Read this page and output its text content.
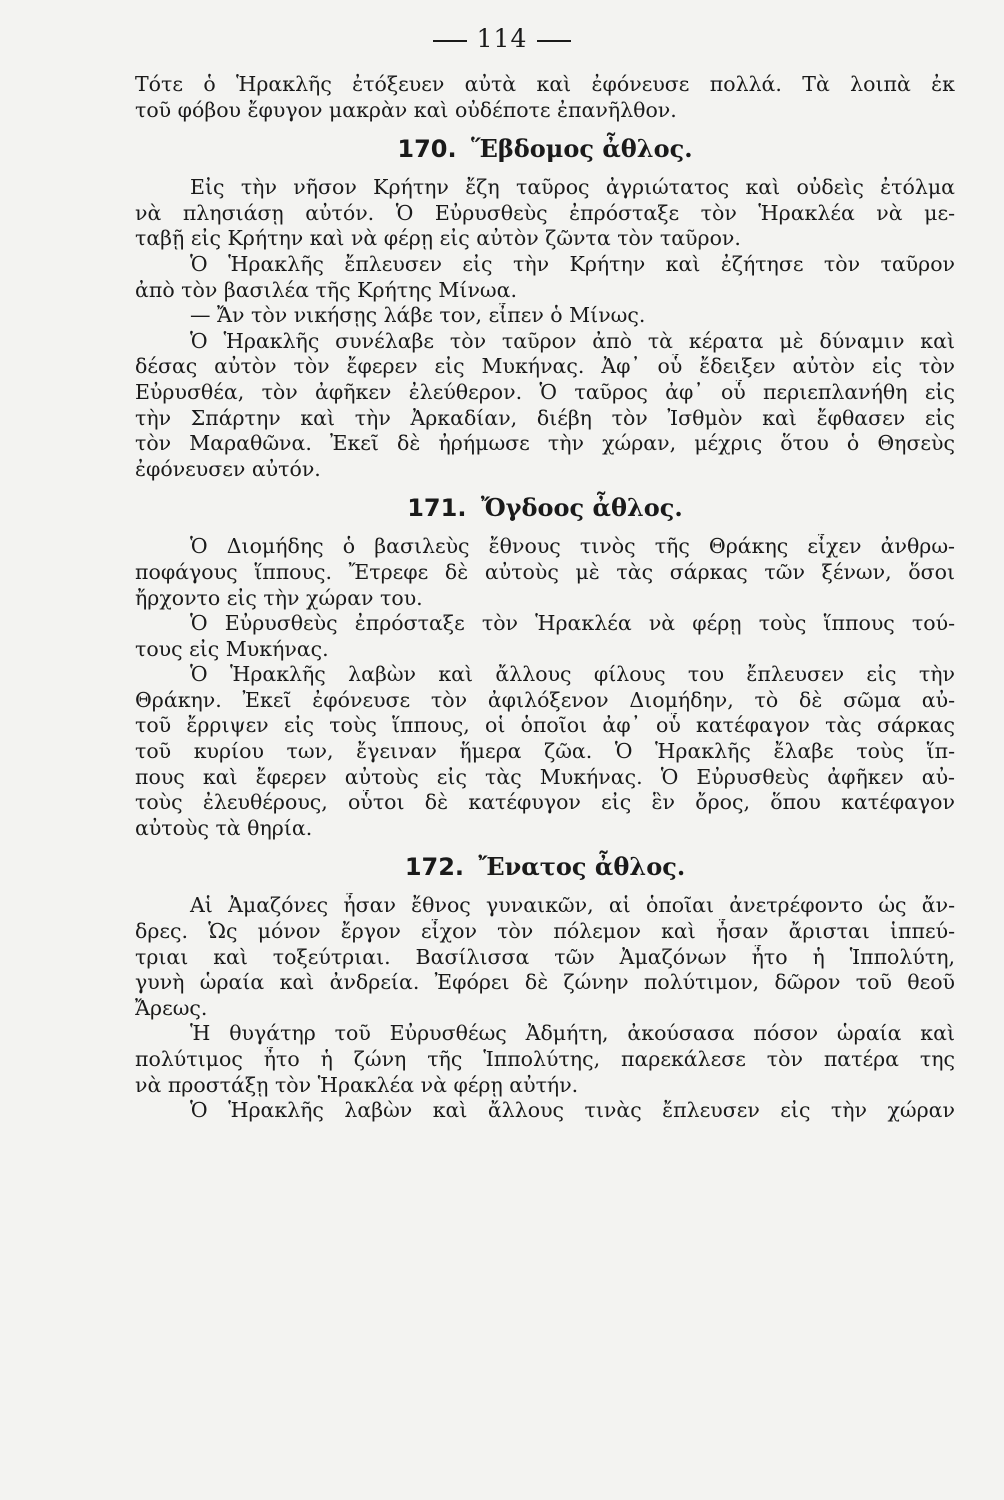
114
Τότε ὁ Ἡρακλῆς ἐτόξευεν αὐτὰ καὶ ἐφόνευσε πολλά. Τὰ λοιπὰ ἐκ
τοῦ φόβου ἔφυγον μακρὰν καὶ οὐδέποτε ἐπανῆλθον.
170. Ἕβδομος ἆθλος.
Εἰς τὴν νῆσον Κρήτην ἔζη ταῦρος ἀγριώτατος καὶ οὐδεὶς ἐτόλμα
νὰ πλησιάσῃ αὐτόν. Ὁ Εὐρυσθεὺς ἐπρόσταξε τὸν Ἡρακλέα νὰ με-
ταβῇ εἰς Κρήτην καὶ νὰ φέρῃ εἰς αὐτὸν ζῶντα τὸν ταῦρον.
Ὁ Ἡρακλῆς ἔπλευσεν εἰς τὴν Κρήτην καὶ ἐζήτησε τὸν ταῦρον
ἀπὸ τὸν βασιλέα τῆς Κρήτης Μίνωα.
— Ἄν τὸν νικήσῃς λάβε τον, εἶπεν ὁ Μίνως.
Ὁ Ἡρακλῆς συνέλαβε τὸν ταῦρον ἀπὸ τὰ κέρατα μὲ δύναμιν καὶ
δέσας αὐτὸν τὸν ἔφερεν εἰς Μυκήνας. Ἀφ᾽ οὗ ἔδειξεν αὐτὸν εἰς τὸν
Εὐρυσθέα, τὸν ἀφῆκεν ἐλεύθερον. Ὁ ταῦρος ἀφ᾽ οὗ περιεπλανήθη εἰς
τὴν Σπάρτην καὶ τὴν Ἀρκαδίαν, διέβη τὸν Ἰσθμὸν καὶ ἔφθασεν εἰς
τὸν Μαραθῶνα. Ἐκεῖ δὲ ἠρήμωσε τὴν χώραν, μέχρις ὅτου ὁ Θησεὺς
ἐφόνευσεν αὐτόν.
171. Ὄγδοος ἆθλος.
Ὁ Διομήδης ὁ βασιλεὺς ἔθνους τινὸς τῆς Θράκης εἶχεν ἀνθρω-
ποφάγους ἵππους. Ἔτρεφε δὲ αὐτοὺς μὲ τὰς σάρκας τῶν ξένων, ὅσοι
ἤρχοντο εἰς τὴν χώραν του.
Ὁ Εὐρυσθεὺς ἐπρόσταξε τὸν Ἡρακλέα νὰ φέρῃ τοὺς ἵππους τού-
τους εἰς Μυκήνας.
Ὁ Ἡρακλῆς λαβὼν καὶ ἄλλους φίλους του ἔπλευσεν εἰς τὴν
Θράκην. Ἐκεῖ ἐφόνευσε τὸν ἀφιλόξενον Διομήδην, τὸ δὲ σῶμα αὐ-
τοῦ ἔρριψεν εἰς τοὺς ἵππους, οἱ ὁποῖοι ἀφ᾽ οὗ κατέφαγον τὰς σάρκας
τοῦ κυρίου των, ἔγειναν ἥμερα ζῶα. Ὁ Ἡρακλῆς ἔλαβε τοὺς ἵπ-
πους καὶ ἔφερεν αὐτοὺς εἰς τὰς Μυκήνας. Ὁ Εὐρυσθεὺς ἀφῆκεν αὐ-
τοὺς ἐλευθέρους, οὗτοι δὲ κατέφυγον εἰς ἓν ὄρος, ὅπου κατέφαγον
αὐτοὺς τὰ θηρία.
172. Ἔνατος ἆθλος.
Αἱ Ἀμαζόνες ἦσαν ἔθνος γυναικῶν, αἱ ὁποῖαι ἀνετρέφοντο ὡς ἄν-
δρες. Ὡς μόνον ἔργον εἶχον τὸν πόλεμον καὶ ἦσαν ἄρισται ἱππεύ-
τριαι καὶ τοξεύτριαι. Βασίλισσα τῶν Ἀμαζόνων ἦτο ἡ Ἱππολύτη,
γυνὴ ὡραία καὶ ἀνδρεία. Ἐφόρει δὲ ζώνην πολύτιμον, δῶρον τοῦ θεοῦ
Ἄρεως.
Ἡ θυγάτηρ τοῦ Εὐρυσθέως Ἀδμήτη, ἀκούσασα πόσον ὡραία καὶ
πολύτιμος ἦτο ἡ ζώνη τῆς Ἱππολύτης, παρεκάλεσε τὸν πατέρα της
νὰ προστάξῃ τὸν Ἡρακλέα νὰ φέρῃ αὐτήν.
Ὁ Ἡρακλῆς λαβὼν καὶ ἄλλους τινὰς ἔπλευσεν εἰς τὴν χώραν
